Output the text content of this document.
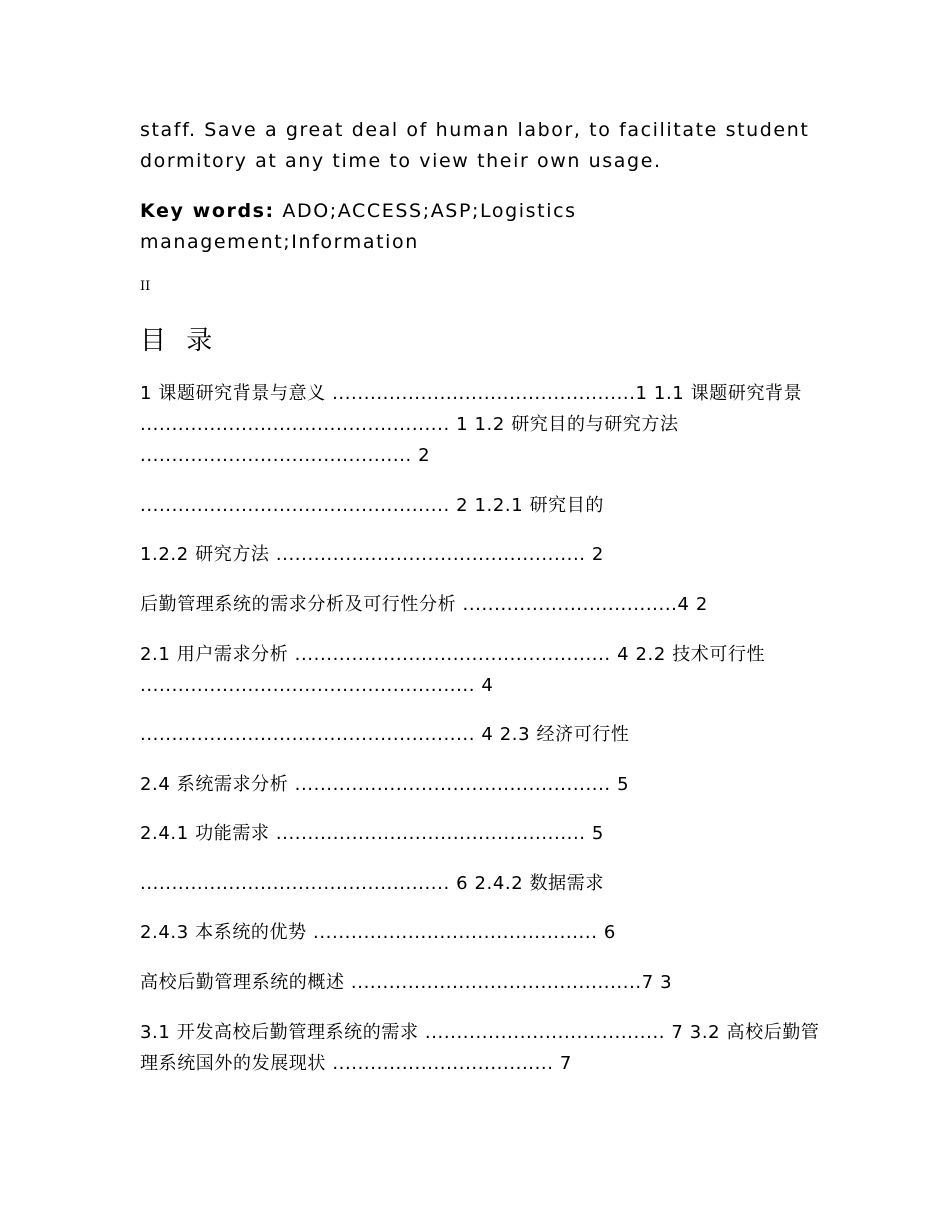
staff. Save a great deal of human labor, to facilitate student dormitory at any time to view their own usage.

Key words: ADO;ACCESS;ASP;Logistics management;Information

II
目 录

1 课题研究背景与意义 ................................................1 1.1 课题研究背景 ................................................. 1 1.2 研究目的与研究方法 ........................................... 2

................................................. 2 1.2.1 研究目的

1.2.2 研究方法 ................................................. 2

后勤管理系统的需求分析及可行性分析 ..................................4 2

2.1 用户需求分析 .................................................. 4 2.2 技术可行性 ..................................................... 4

..................................................... 4 2.3 经济可行性

2.4 系统需求分析 .................................................. 5

2.4.1 功能需求 ................................................. 5

................................................. 6 2.4.2 数据需求

2.4.3 本系统的优势 ............................................. 6

高校后勤管理系统的概述 ..............................................7 3

3.1 开发高校后勤管理系统的需求 ...................................... 7 3.2 高校后勤管理系统国外的发展现状 ................................... 7
